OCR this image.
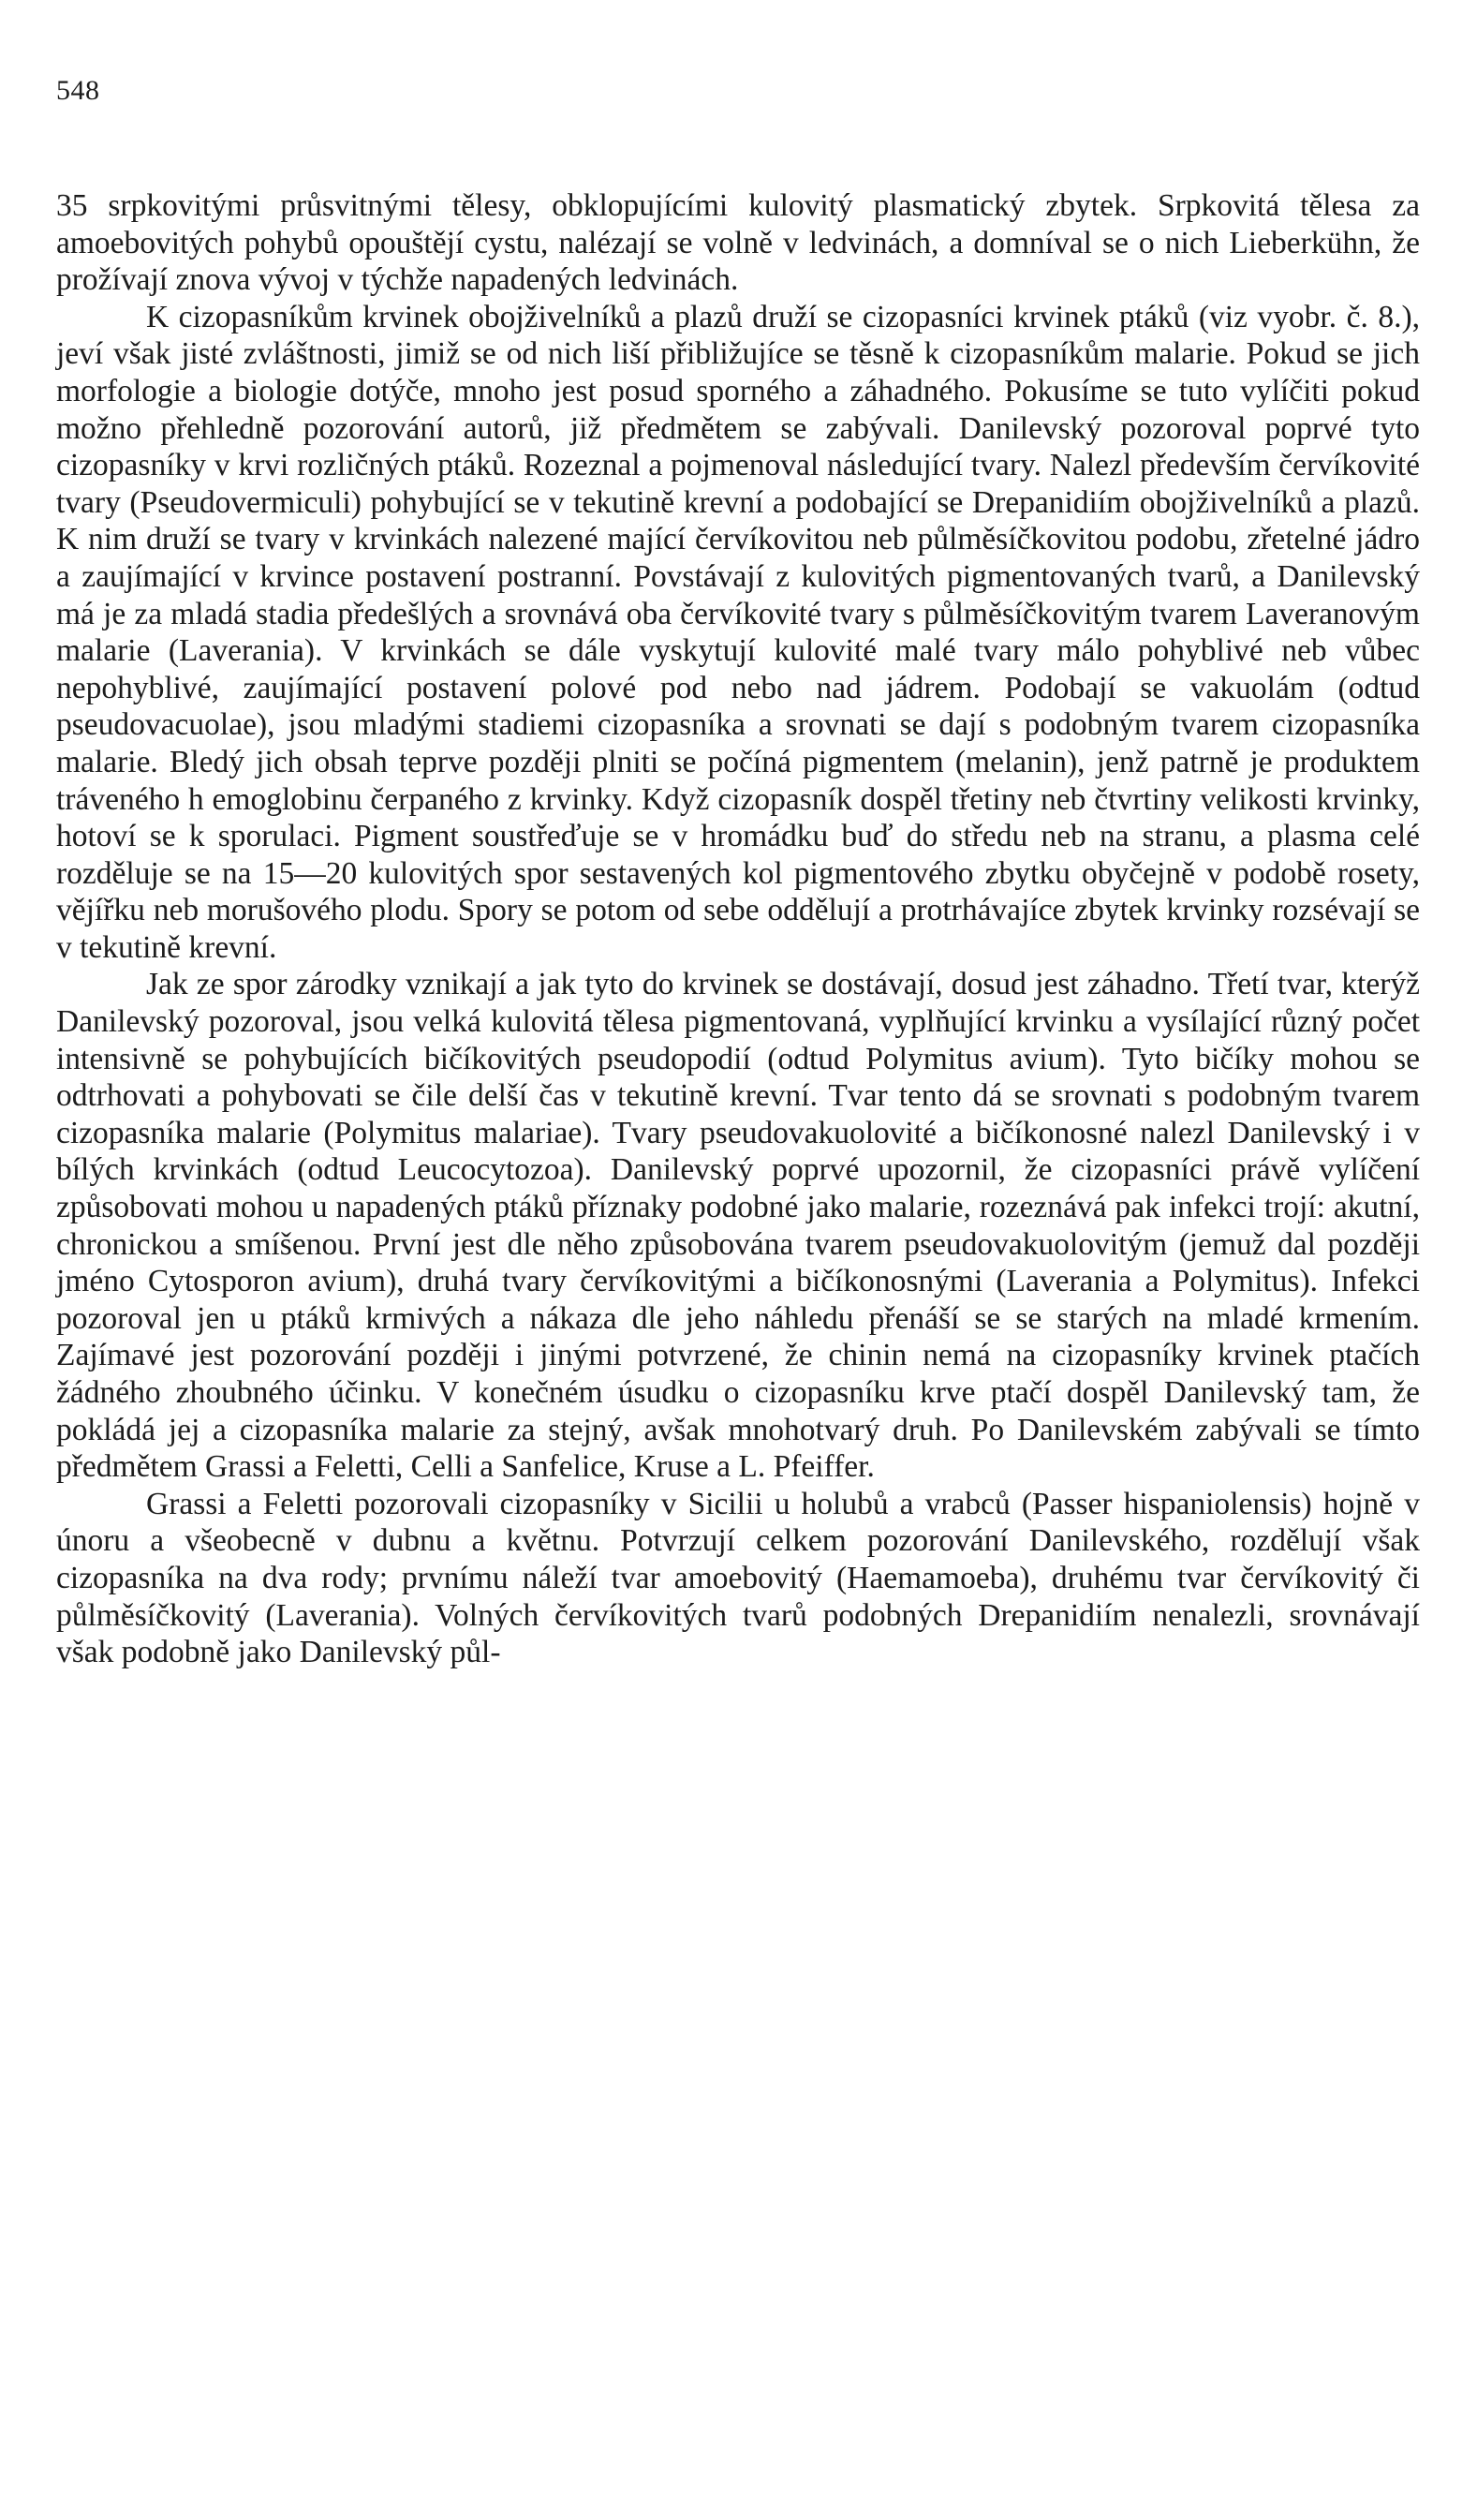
548

35 srpkovitými průsvitnými tělesy, obklopujícími kulovitý plasmatický zbytek. Srpkovitá tělesa za amoebovitých pohybů opouštějí cystu, nalézají se volně v ledvinách, a domníval se o nich Lieberkühn, že prožívají znova vývoj v týchže napadených ledvinách.

K cizopasníkům krvinek obojživelníků a plazů druží se cizopasníci krvinek ptáků (viz vyobr. č. 8.), jeví však jisté zvláštnosti, jimiž se od nich liší přibližujíce se těsně k cizopasníkům malarie. Pokud se jich morfologie a biologie dotýče, mnoho jest posud sporného a záhadného. Pokusíme se tuto vylíčiti pokud možno přehledně pozorování autorů, již předmětem se zabývali. Danilevský pozoroval poprvé tyto cizopasníky v krvi rozličných ptáků. Rozeznal a pojmenoval následující tvary. Nalezl především červíkovité tvary (Pseudovermiculi) pohybující se v tekutině krevní a podobající se Drepanidiím obojživelníků a plazů. K nim druží se tvary v krvinkách nalezené mající červíkovitou neb půlměsíčkovitou podobu, zřetelné jádro a zaujímající v krvince postavení postranní. Povstávají z kulovitých pigmentovaných tvarů, a Danilevský má je za mladá stadia předešlých a srovnává oba červíkovité tvary s půlměsíčkovitým tvarem Laveranovým malarie (Laverania). V krvinkách se dále vyskytují kulovité malé tvary málo pohyblivé neb vůbec nepohyblivé, zaujímající postavení polové pod nebo nad jádrem. Podobají se vakuolám (odtud pseudovacuolae), jsou mladými stadiemi cizopasníka a srovnati se dají s podobným tvarem cizopasníka malarie. Bledý jich obsah teprve později plniti se počíná pigmentem (melanin), jenž patrně je produktem tráveného h emoglobinu čerpaného z krvinky. Když cizopasník dospěl třetiny neb čtvrtiny velikosti krvinky, hotoví se k sporulaci. Pigment soustřeďuje se v hromádku buď do středu neb na stranu, a plasma celé rozděluje se na 15—20 kulovitých spor sestavených kol pigmentového zbytku obyčejně v podobě rosety, vějířku neb morušového plodu. Spory se potom od sebe oddělují a protrhávajíce zbytek krvinky rozsévají se v tekutině krevní.

Jak ze spor zárodky vznikají a jak tyto do krvinek se dostávají, dosud jest záhadno. Třetí tvar, kterýž Danilevský pozoroval, jsou velká kulovitá tělesa pigmentovaná, vyplňující krvinku a vysílající různý počet intensivně se pohybujících bičíkovitých pseudopodií (odtud Polymitus avium). Tyto bičíky mohou se odtrhovati a pohybovati se čile delší čas v tekutině krevní. Tvar tento dá se srovnati s podobným tvarem cizopasníka malarie (Polymitus malariae). Tvary pseudovakuolovité a bičíkonosné nalezl Danilevský i v bílých krvinkách (odtud Leucocytozoa). Danilevský poprvé upozornil, že cizopasníci právě vylíčení způsobovati mohou u napadených ptáků příznaky podobné jako malarie, rozeznává pak infekci trojí: akutní, chronickou a smíšenou. První jest dle něho způsobována tvarem pseudovakuolovitým (jemuž dal později jméno Cytosporon avium), druhá tvary červíkovitými a bičíkonosnými (Laverania a Polymitus). Infekci pozoroval jen u ptáků krmivých a nákaza dle jeho náhledu přenáší se se starých na mladé krmením. Zajímavé jest pozorování později i jinými potvrzené, že chinin nemá na cizopasníky krvinek ptačích žádného zhoubného účinku. V konečném úsudku o cizopasníku krve ptačí dospěl Danilevský tam, že pokládá jej a cizopasníka malarie za stejný, avšak mnohotvarý druh. Po Danilevském zabývali se tímto předmětem Grassi a Feletti, Celli a Sanfelice, Kruse a L. Pfeiffer.

Grassi a Feletti pozorovali cizopasníky v Sicilii u holubů a vrabců (Passer hispaniolensis) hojně v únoru a všeobecně v dubnu a květnu. Potvrzují celkem pozorování Danilevského, rozdělují však cizopasníka na dva rody; prvnímu náleží tvar amoebovitý (Haemamoeba), druhému tvar červíkovitý či půlměsíčkovitý (Laverania). Volných červíkovitých tvarů podobných Drepanidiím nenalezli, srovnávají však podobně jako Danilevský půl-
